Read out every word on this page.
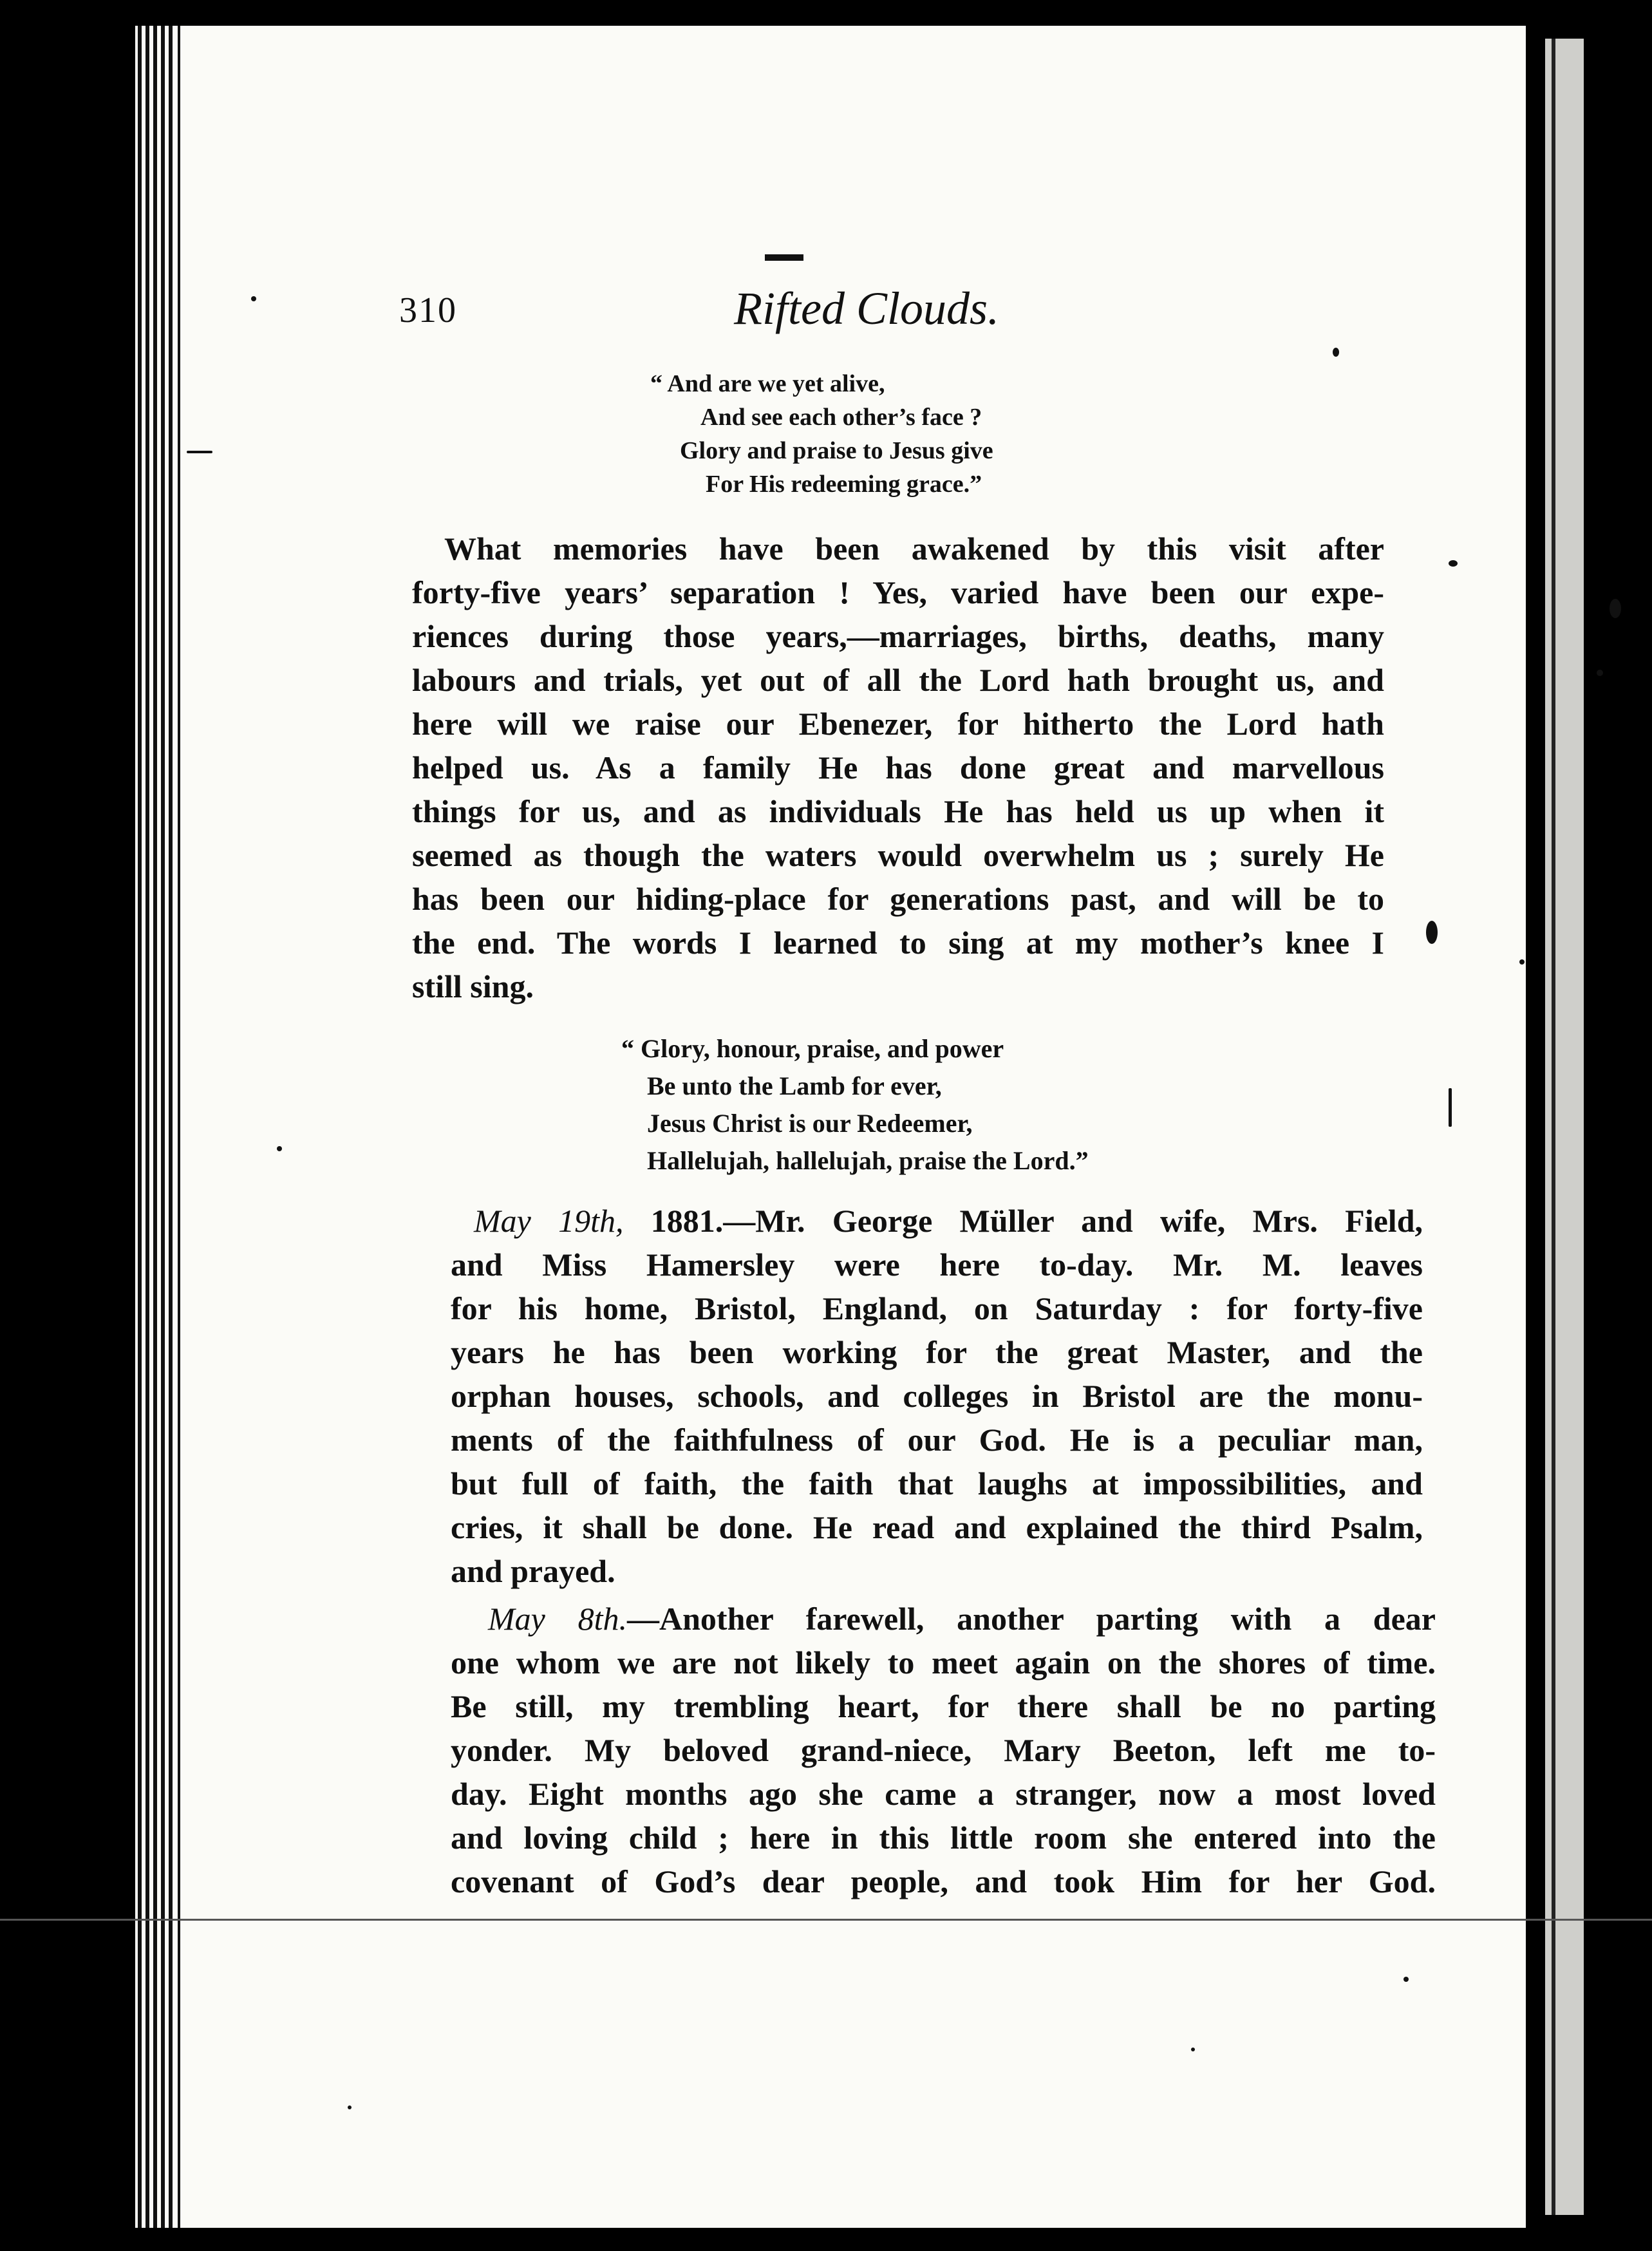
310	Rifted Clouds.
“ And are we yet alive,
And see each other’s face ?
Glory and praise to Jesus give
For His redeeming grace.”
What memories have been awakened by this visit after
forty-five years’ separation ! Yes, varied have been our expe-
riences during those years,—marriages, births, deaths, many
labours and trials, yet out of all the Lord hath brought us, and
here will we raise our Ebenezer, for hitherto the Lord hath
helped us. As a family He has done great and marvellous
things for us, and as individuals He has held us up when it
seemed as though the waters would overwhelm us ; surely He
has been our hiding-place for generations past, and will be to
the end. The words I learned to sing at my mother’s knee I
still sing.
“ Glory, honour, praise, and power
Be unto the Lamb for ever,
Jesus Christ is our Redeemer,
Hallelujah, hallelujah, praise the Lord.”
May 19th, 1881.—Mr. George Müller and wife, Mrs. Field,
and Miss Hamersley were here to-day. Mr. M. leaves
for his home, Bristol, England, on Saturday : for forty-five
years he has been working for the great Master, and the
orphan houses, schools, and colleges in Bristol are the monu-
ments of the faithfulness of our God. He is a peculiar man,
but full of faith, the faith that laughs at impossibilities, and
cries, it shall be done. He read and explained the third Psalm,
and prayed.
May 8th.—Another farewell, another parting with a dear
one whom we are not likely to meet again on the shores of time.
Be still, my trembling heart, for there shall be no parting
yonder. My beloved grand-niece, Mary Beeton, left me to-
day. Eight months ago she came a stranger, now a most loved
and loving child ; here in this little room she entered into the
covenant of God’s dear people, and took Him for her God.
